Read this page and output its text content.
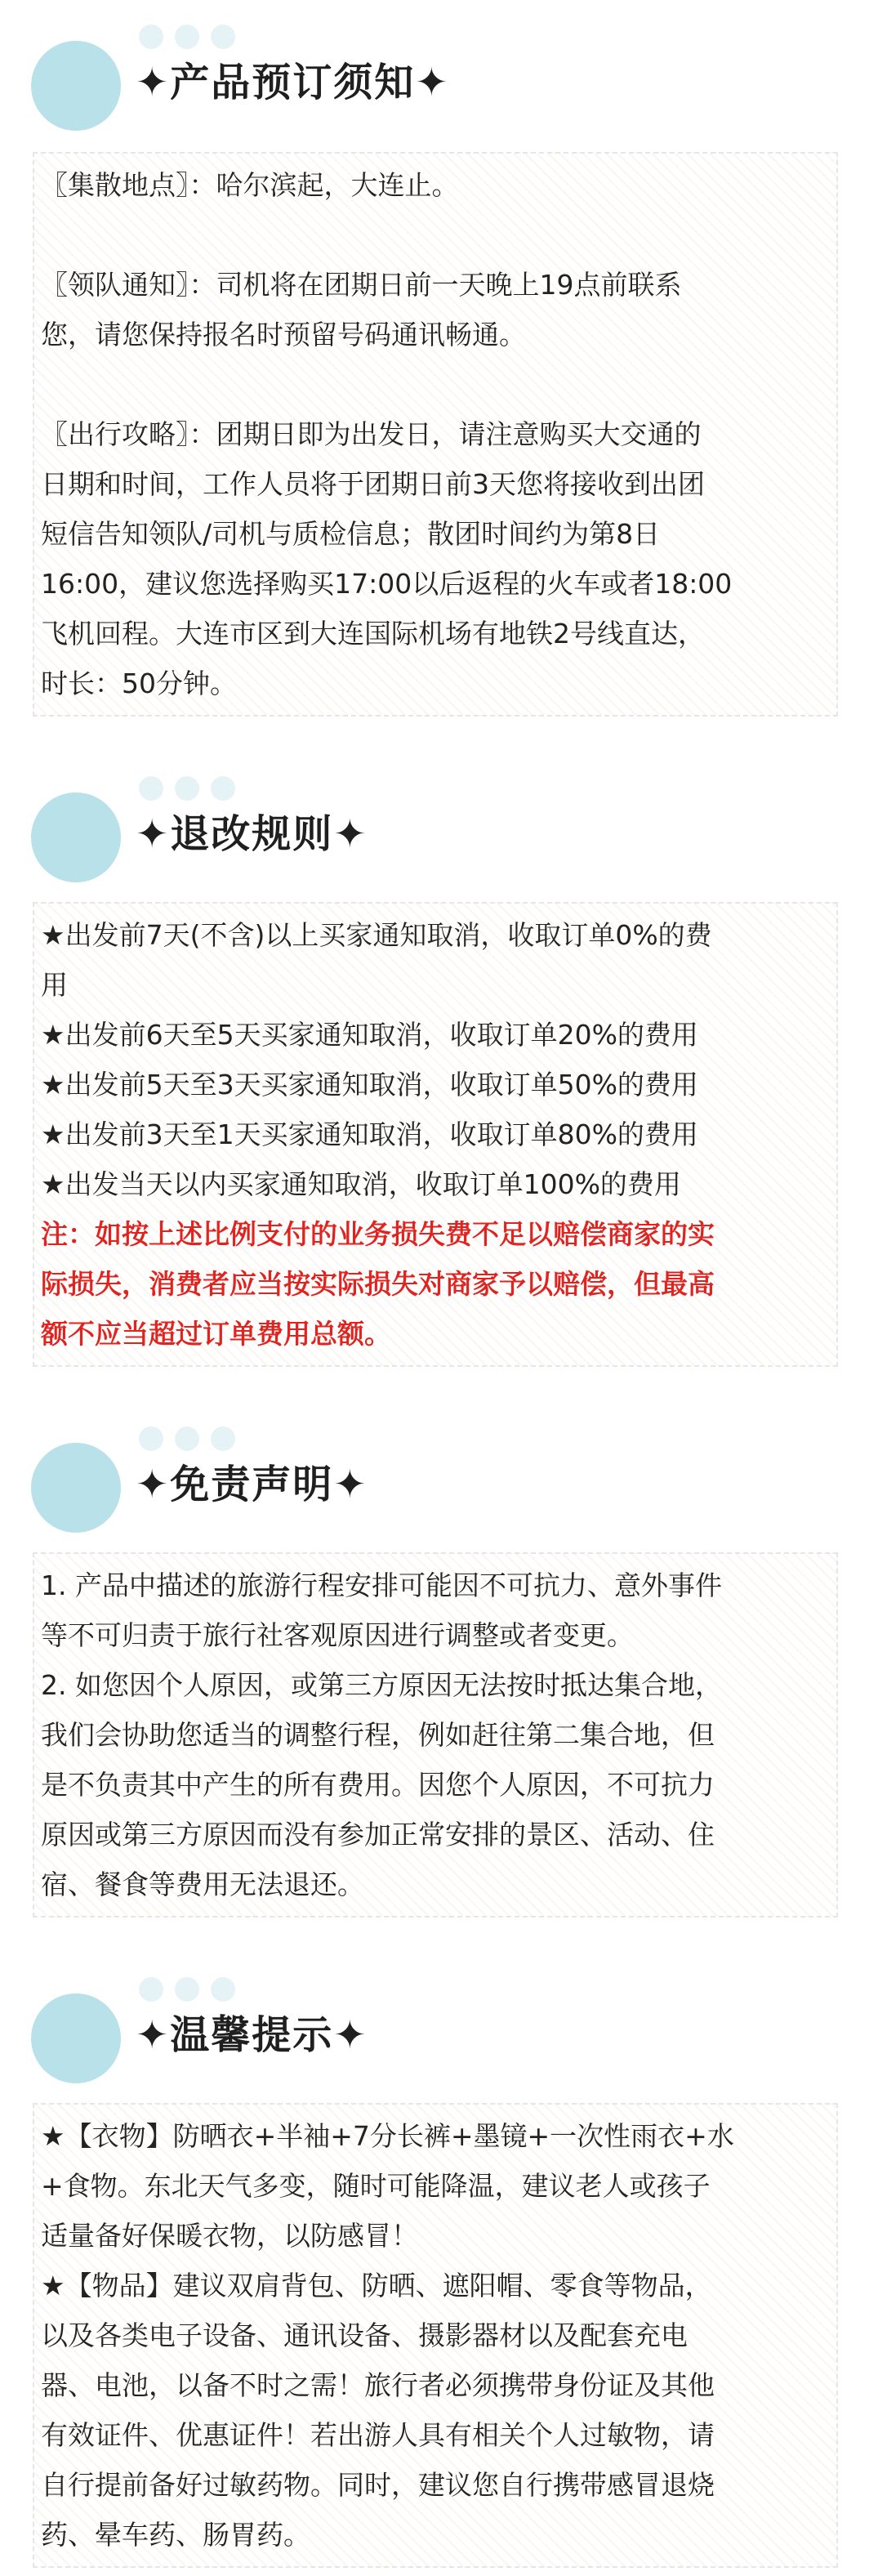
✦产品预订须知✦
〖集散地点〗：哈尔滨起，大连止。
〖领队通知〗：司机将在团期日前一天晚上19点前联系
您，请您保持报名时预留号码通讯畅通。
〖出行攻略〗：团期日即为出发日，请注意购买大交通的
日期和时间，工作人员将于团期日前3天您将接收到出团
短信告知领队/司机与质检信息；散团时间约为第8日
16:00，建议您选择购买17:00以后返程的火车或者18:00
飞机回程。大连市区到大连国际机场有地铁2号线直达，
时长：50分钟。
✦退改规则✦
★出发前7天(不含)以上买家通知取消，收取订单0%的费
用
★出发前6天至5天买家通知取消，收取订单20%的费用
★出发前5天至3天买家通知取消，收取订单50%的费用
★出发前3天至1天买家通知取消，收取订单80%的费用
★出发当天以内买家通知取消，收取订单100%的费用
注：如按上述比例支付的业务损失费不足以赔偿商家的实
际损失，消费者应当按实际损失对商家予以赔偿，但最高
额不应当超过订单费用总额。
✦免责声明✦
1. 产品中描述的旅游行程安排可能因不可抗力、意外事件
等不可归责于旅行社客观原因进行调整或者变更。
2. 如您因个人原因，或第三方原因无法按时抵达集合地，
我们会协助您适当的调整行程，例如赶往第二集合地，但
是不负责其中产生的所有费用。因您个人原因，不可抗力
原因或第三方原因而没有参加正常安排的景区、活动、住
宿、餐食等费用无法退还。
✦温馨提示✦
★【衣物】防晒衣+半袖+7分长裤+墨镜+一次性雨衣+水
+食物。东北天气多变，随时可能降温，建议老人或孩子
适量备好保暖衣物，以防感冒！
★【物品】建议双肩背包、防晒、遮阳帽、零食等物品，
以及各类电子设备、通讯设备、摄影器材以及配套充电
器、电池，以备不时之需！旅行者必须携带身份证及其他
有效证件、优惠证件！若出游人具有相关个人过敏物，请
自行提前备好过敏药物。同时，建议您自行携带感冒退烧
药、晕车药、肠胃药。
